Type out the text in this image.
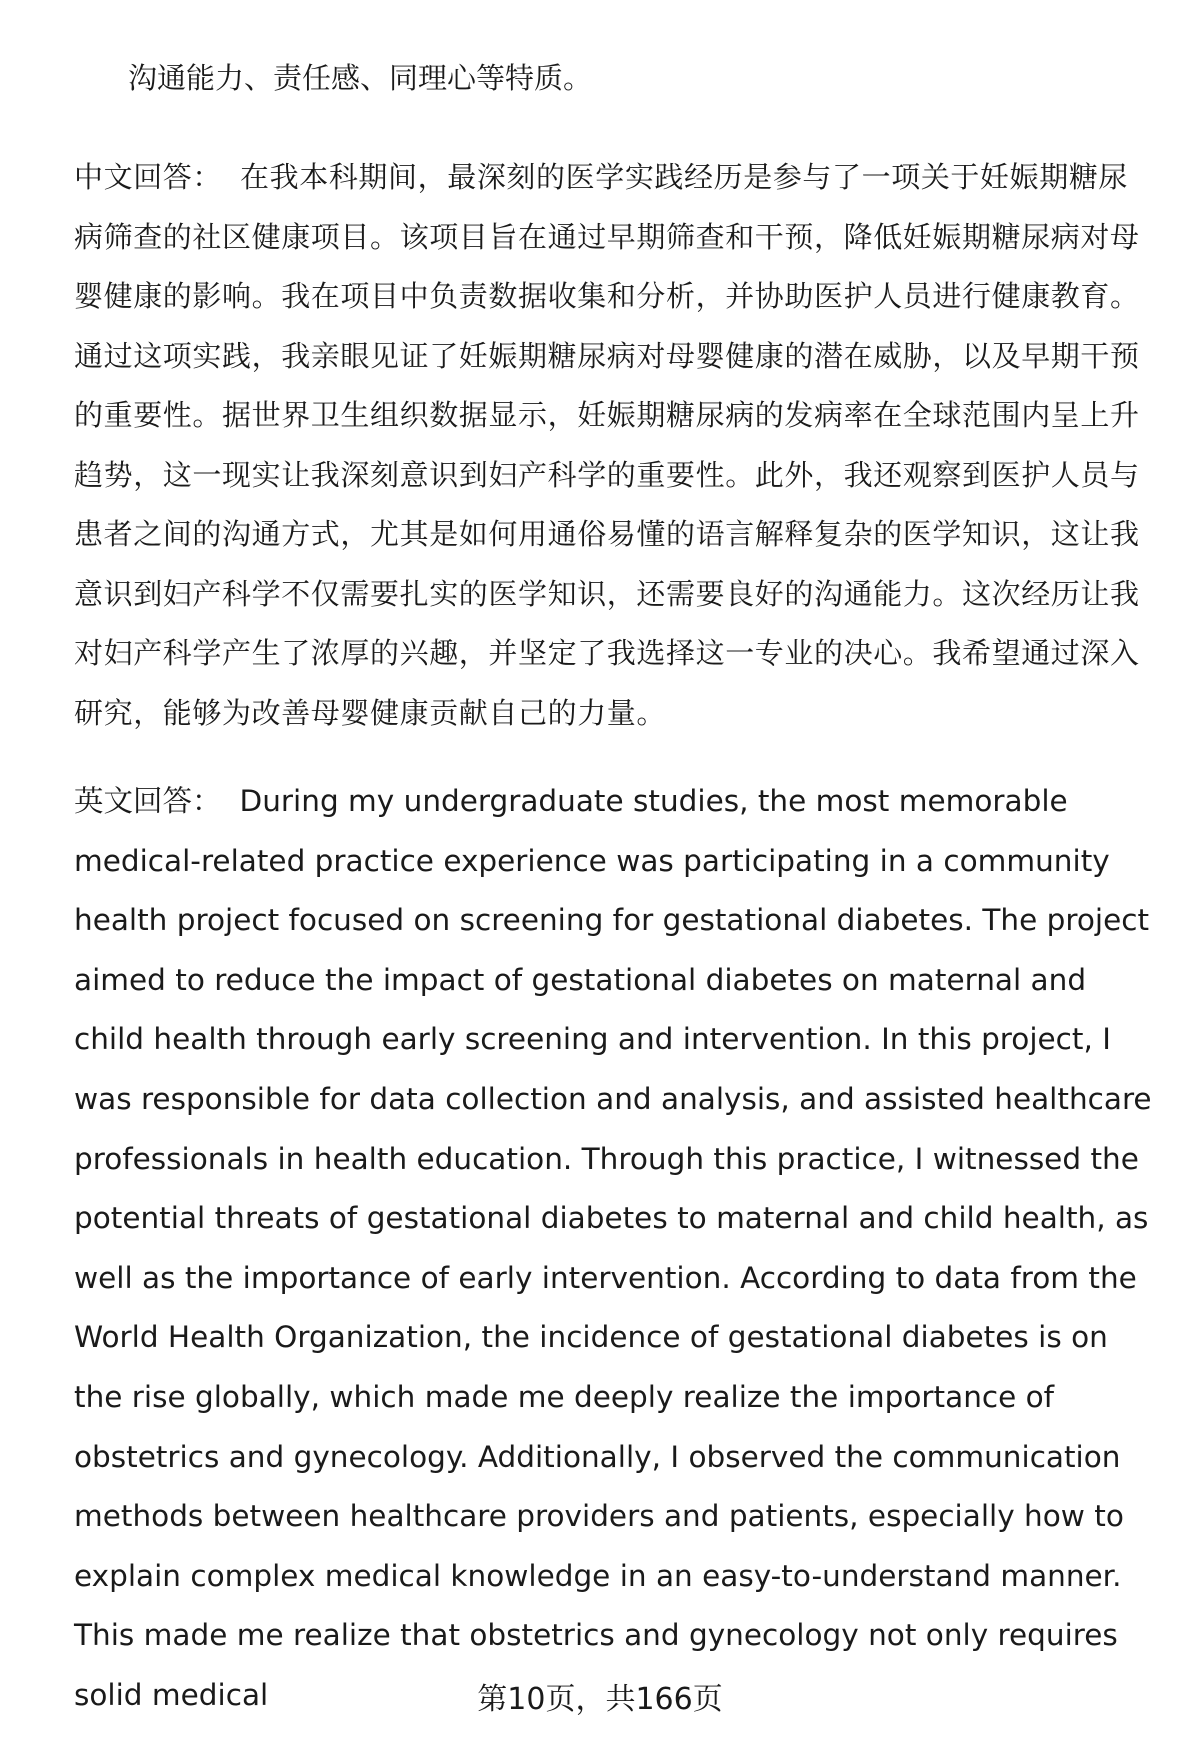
沟通能力、责任感、同理心等特质。

中文回答： 在我本科期间，最深刻的医学实践经历是参与了一项关于妊娠期糖尿病筛查的社区健康项目。该项目旨在通过早期筛查和干预，降低妊娠期糖尿病对母婴健康的影响。我在项目中负责数据收集和分析，并协助医护人员进行健康教育。通过这项实践，我亲眼见证了妊娠期糖尿病对母婴健康的潜在威胁，以及早期干预的重要性。据世界卫生组织数据显示，妊娠期糖尿病的发病率在全球范围内呈上升趋势，这一现实让我深刻意识到妇产科学的重要性。此外，我还观察到医护人员与患者之间的沟通方式，尤其是如何用通俗易懂的语言解释复杂的医学知识，这让我意识到妇产科学不仅需要扎实的医学知识，还需要良好的沟通能力。这次经历让我对妇产科学产生了浓厚的兴趣，并坚定了我选择这一专业的决心。我希望通过深入研究，能够为改善母婴健康贡献自己的力量。

英文回答： During my undergraduate studies, the most memorable medical-related practice experience was participating in a community health project focused on screening for gestational diabetes. The project aimed to reduce the impact of gestational diabetes on maternal and child health through early screening and intervention. In this project, I was responsible for data collection and analysis, and assisted healthcare professionals in health education. Through this practice, I witnessed the potential threats of gestational diabetes to maternal and child health, as well as the importance of early intervention. According to data from the World Health Organization, the incidence of gestational diabetes is on the rise globally, which made me deeply realize the importance of obstetrics and gynecology. Additionally, I observed the communication methods between healthcare providers and patients, especially how to explain complex medical knowledge in an easy-to-understand manner. This made me realize that obstetrics and gynecology not only requires solid medical	第10页，共166页
